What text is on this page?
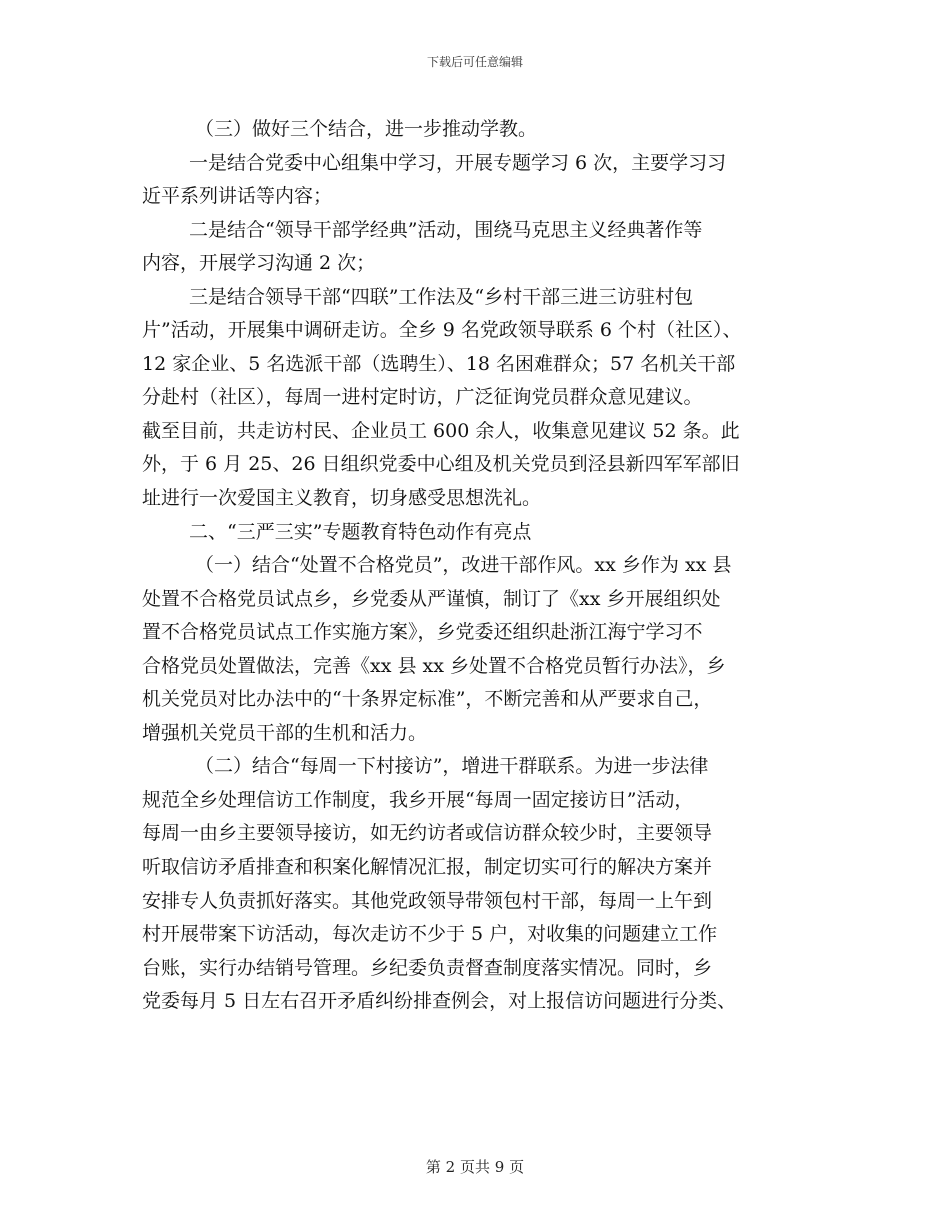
下载后可任意编辑
（三）做好三个结合，进一步推动学教。
一是结合党委中心组集中学习，开展专题学习 6 次，主要学习习
近平系列讲话等内容；
二是结合“领导干部学经典”活动，围绕马克思主义经典著作等
内容，开展学习沟通 2 次；
三是结合领导干部“四联”工作法及“乡村干部三进三访驻村包
片”活动，开展集中调研走访。全乡 9 名党政领导联系 6 个村（社区）、
12 家企业、5 名选派干部（选聘生）、18 名困难群众；57 名机关干部
分赴村（社区），每周一进村定时访，广泛征询党员群众意见建议。
截至目前，共走访村民、企业员工 600 余人，收集意见建议 52 条。此
外，于 6 月 25、26 日组织党委中心组及机关党员到泾县新四军军部旧
址进行一次爱国主义教育，切身感受思想洗礼。
二、“三严三实”专题教育特色动作有亮点
（一）结合“处置不合格党员”，改进干部作风。xx 乡作为 xx 县
处置不合格党员试点乡，乡党委从严谨慎，制订了《xx 乡开展组织处
置不合格党员试点工作实施方案》，乡党委还组织赴浙江海宁学习不
合格党员处置做法，完善《xx 县 xx 乡处置不合格党员暂行办法》，乡
机关党员对比办法中的“十条界定标准”，不断完善和从严要求自己，
增强机关党员干部的生机和活力。
（二）结合“每周一下村接访”，增进干群联系。为进一步法律
规范全乡处理信访工作制度，我乡开展“每周一固定接访日”活动，
每周一由乡主要领导接访，如无约访者或信访群众较少时，主要领导
听取信访矛盾排查和积案化解情况汇报，制定切实可行的解决方案并
安排专人负责抓好落实。其他党政领导带领包村干部，每周一上午到
村开展带案下访活动，每次走访不少于 5 户，对收集的问题建立工作
台账，实行办结销号管理。乡纪委负责督查制度落实情况。同时，乡
党委每月 5 日左右召开矛盾纠纷排查例会，对上报信访问题进行分类、
第 2 页共 9 页
